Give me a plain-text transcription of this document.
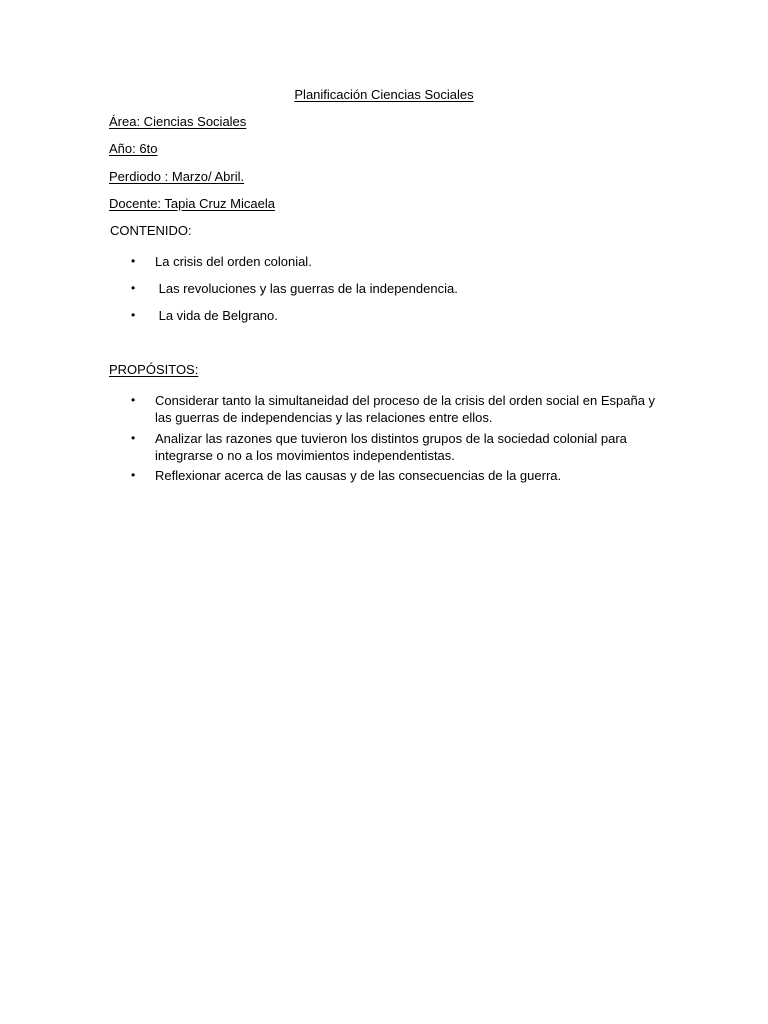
Planificación Ciencias Sociales
Área: Ciencias Sociales
Año: 6to
Perdiodo : Marzo/ Abril.
Docente: Tapia Cruz Micaela
CONTENIDO:
• La crisis del orden colonial.
• Las revoluciones y las guerras de la independencia.
• La vida de Belgrano.
PROPÓSITOS:
• Considerar tanto la simultaneidad del proceso de la crisis del orden social en España y
las guerras de independencias y las relaciones entre ellos.
• Analizar las razones que tuvieron los distintos grupos de la sociedad colonial para
integrarse o no a los movimientos independentistas.
• Reflexionar acerca de las causas y de las consecuencias de la guerra.
